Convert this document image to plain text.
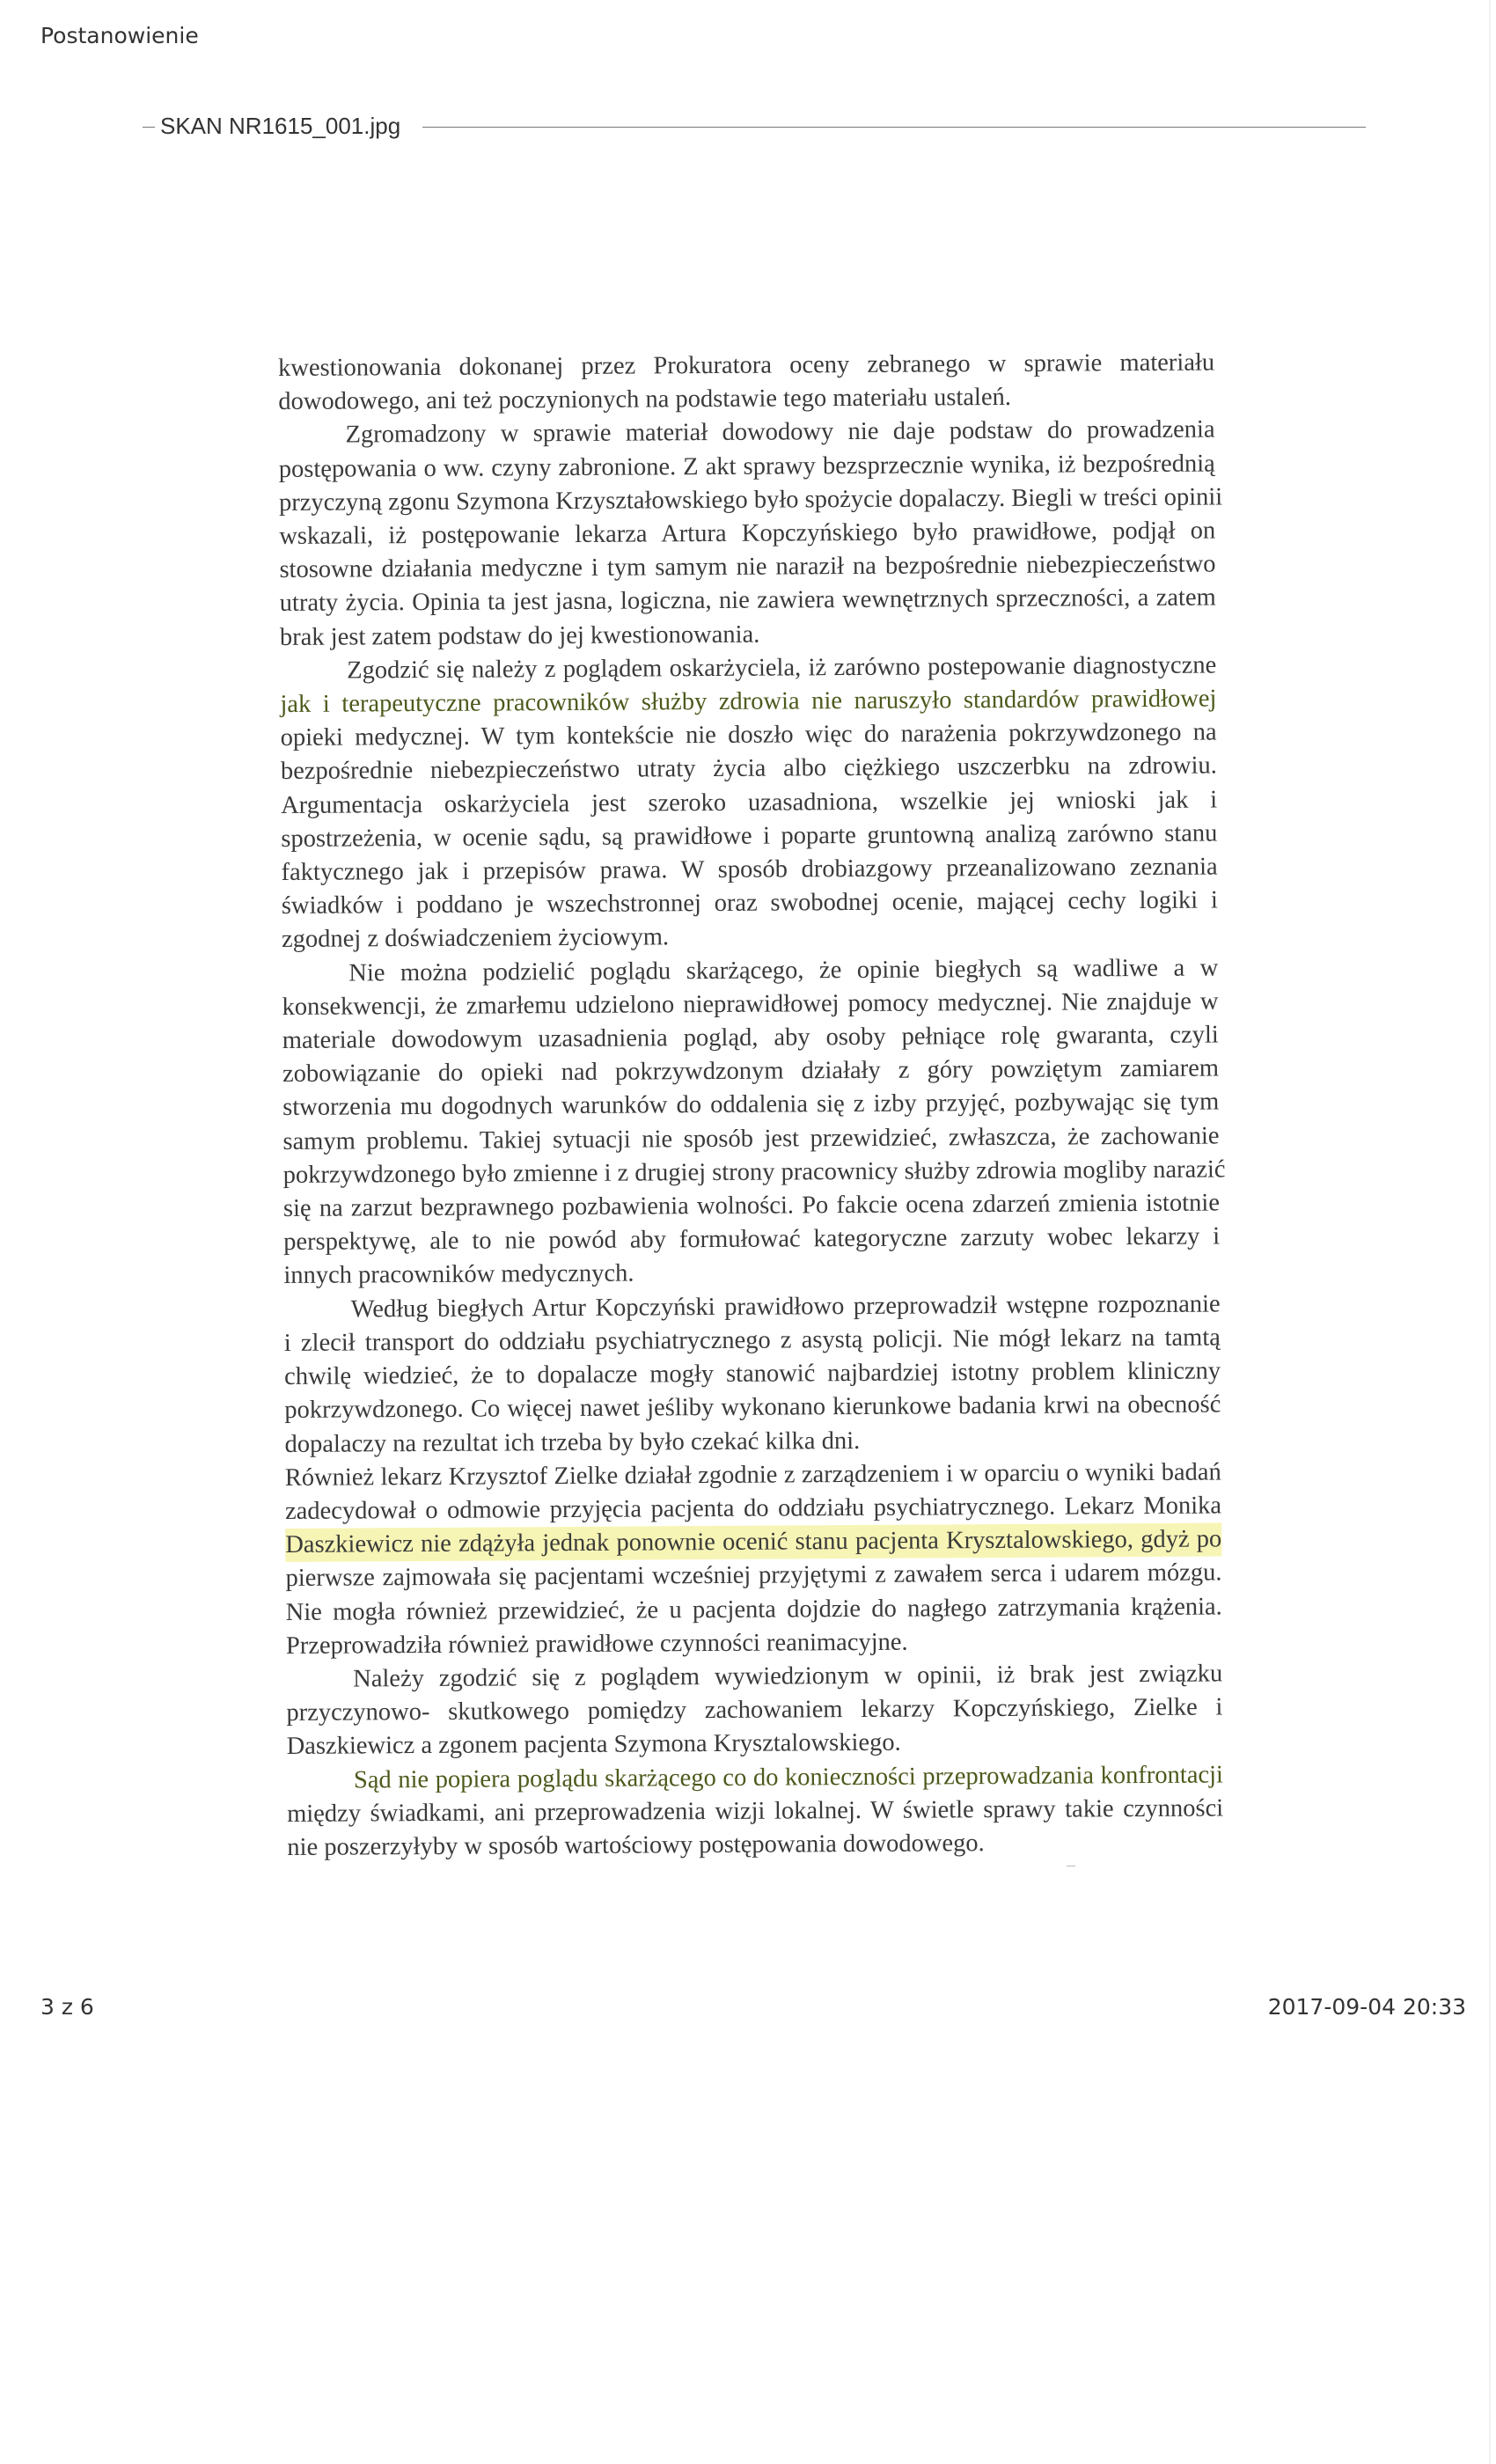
Postanowienie
SKAN NR1615_001.jpg

kwestionowania dokonanej przez Prokuratora oceny zebranego w sprawie materiału
dowodowego, ani też poczynionych na podstawie tego materiału ustaleń.

Zgromadzony w sprawie materiał dowodowy nie daje podstaw do prowadzenia
postępowania o ww. czyny zabronione. Z akt sprawy bezsprzecznie wynika, iż bezpośrednią
przyczyną zgonu Szymona Krzyształowskiego było spożycie dopalaczy. Biegli w treści opinii
wskazali, iż postępowanie lekarza Artura Kopczyńskiego było prawidłowe, podjął on
stosowne działania medyczne i tym samym nie naraził na bezpośrednie niebezpieczeństwo
utraty życia. Opinia ta jest jasna, logiczna, nie zawiera wewnętrznych sprzeczności, a zatem
brak jest zatem podstaw do jej kwestionowania.

Zgodzić się należy z poglądem oskarżyciela, iż zarówno postepowanie diagnostyczne
jak i terapeutyczne pracowników służby zdrowia nie naruszyło standardów prawidłowej
opieki medycznej. W tym kontekście nie doszło więc do narażenia pokrzywdzonego na
bezpośrednie niebezpieczeństwo utraty życia albo ciężkiego uszczerbku na zdrowiu.
Argumentacja oskarżyciela jest szeroko uzasadniona, wszelkie jej wnioski jak i
spostrzeżenia, w ocenie sądu, są prawidłowe i poparte gruntowną analizą zarówno stanu
faktycznego jak i przepisów prawa. W sposób drobiazgowy przeanalizowano zeznania
świadków i poddano je wszechstronnej oraz swobodnej ocenie, mającej cechy logiki i
zgodnej z doświadczeniem życiowym.

Nie można podzielić poglądu skarżącego, że opinie biegłych są wadliwe a w
konsekwencji, że zmarłemu udzielono nieprawidłowej pomocy medycznej. Nie znajduje w
materiale dowodowym uzasadnienia pogląd, aby osoby pełniące rolę gwaranta, czyli
zobowiązanie do opieki nad pokrzywdzonym działały z góry powziętym zamiarem
stworzenia mu dogodnych warunków do oddalenia się z izby przyjęć, pozbywając się tym
samym problemu. Takiej sytuacji nie sposób jest przewidzieć, zwłaszcza, że zachowanie
pokrzywdzonego było zmienne i z drugiej strony pracownicy służby zdrowia mogliby narazić
się na zarzut bezprawnego pozbawienia wolności. Po fakcie ocena zdarzeń zmienia istotnie
perspektywę, ale to nie powód aby formułować kategoryczne zarzuty wobec lekarzy i
innych pracowników medycznych.

Według biegłych Artur Kopczyński prawidłowo przeprowadził wstępne rozpoznanie
i zlecił transport do oddziału psychiatrycznego z asystą policji. Nie mógł lekarz na tamtą
chwilę wiedzieć, że to dopalacze mogły stanowić najbardziej istotny problem kliniczny
pokrzywdzonego. Co więcej nawet jeśliby wykonano kierunkowe badania krwi na obecność
dopalaczy na rezultat ich trzeba by było czekać kilka dni.

Również lekarz Krzysztof Zielke działał zgodnie z zarządzeniem i w oparciu o wyniki badań
zadecydował o odmowie przyjęcia pacjenta do oddziału psychiatrycznego. Lekarz Monika
Daszkiewicz nie zdążyła jednak ponownie ocenić stanu pacjenta Krysztalowskiego, gdyż po
pierwsze zajmowała się pacjentami wcześniej przyjętymi z zawałem serca i udarem mózgu.
Nie mogła również przewidzieć, że u pacjenta dojdzie do nagłego zatrzymania krążenia.
Przeprowadziła również prawidłowe czynności reanimacyjne.

Należy zgodzić się z poglądem wywiedzionym w opinii, iż brak jest związku
przyczynowo- skutkowego pomiędzy zachowaniem lekarzy Kopczyńskiego, Zielke i
Daszkiewicz a zgonem pacjenta Szymona Krysztalowskiego.

Sąd nie popiera poglądu skarżącego co do konieczności przeprowadzania konfrontacji
między świadkami, ani przeprowadzenia wizji lokalnej. W świetle sprawy takie czynności
nie poszerzyłyby w sposób wartościowy postępowania dowodowego.

3 z 6	2017-09-04 20:33
